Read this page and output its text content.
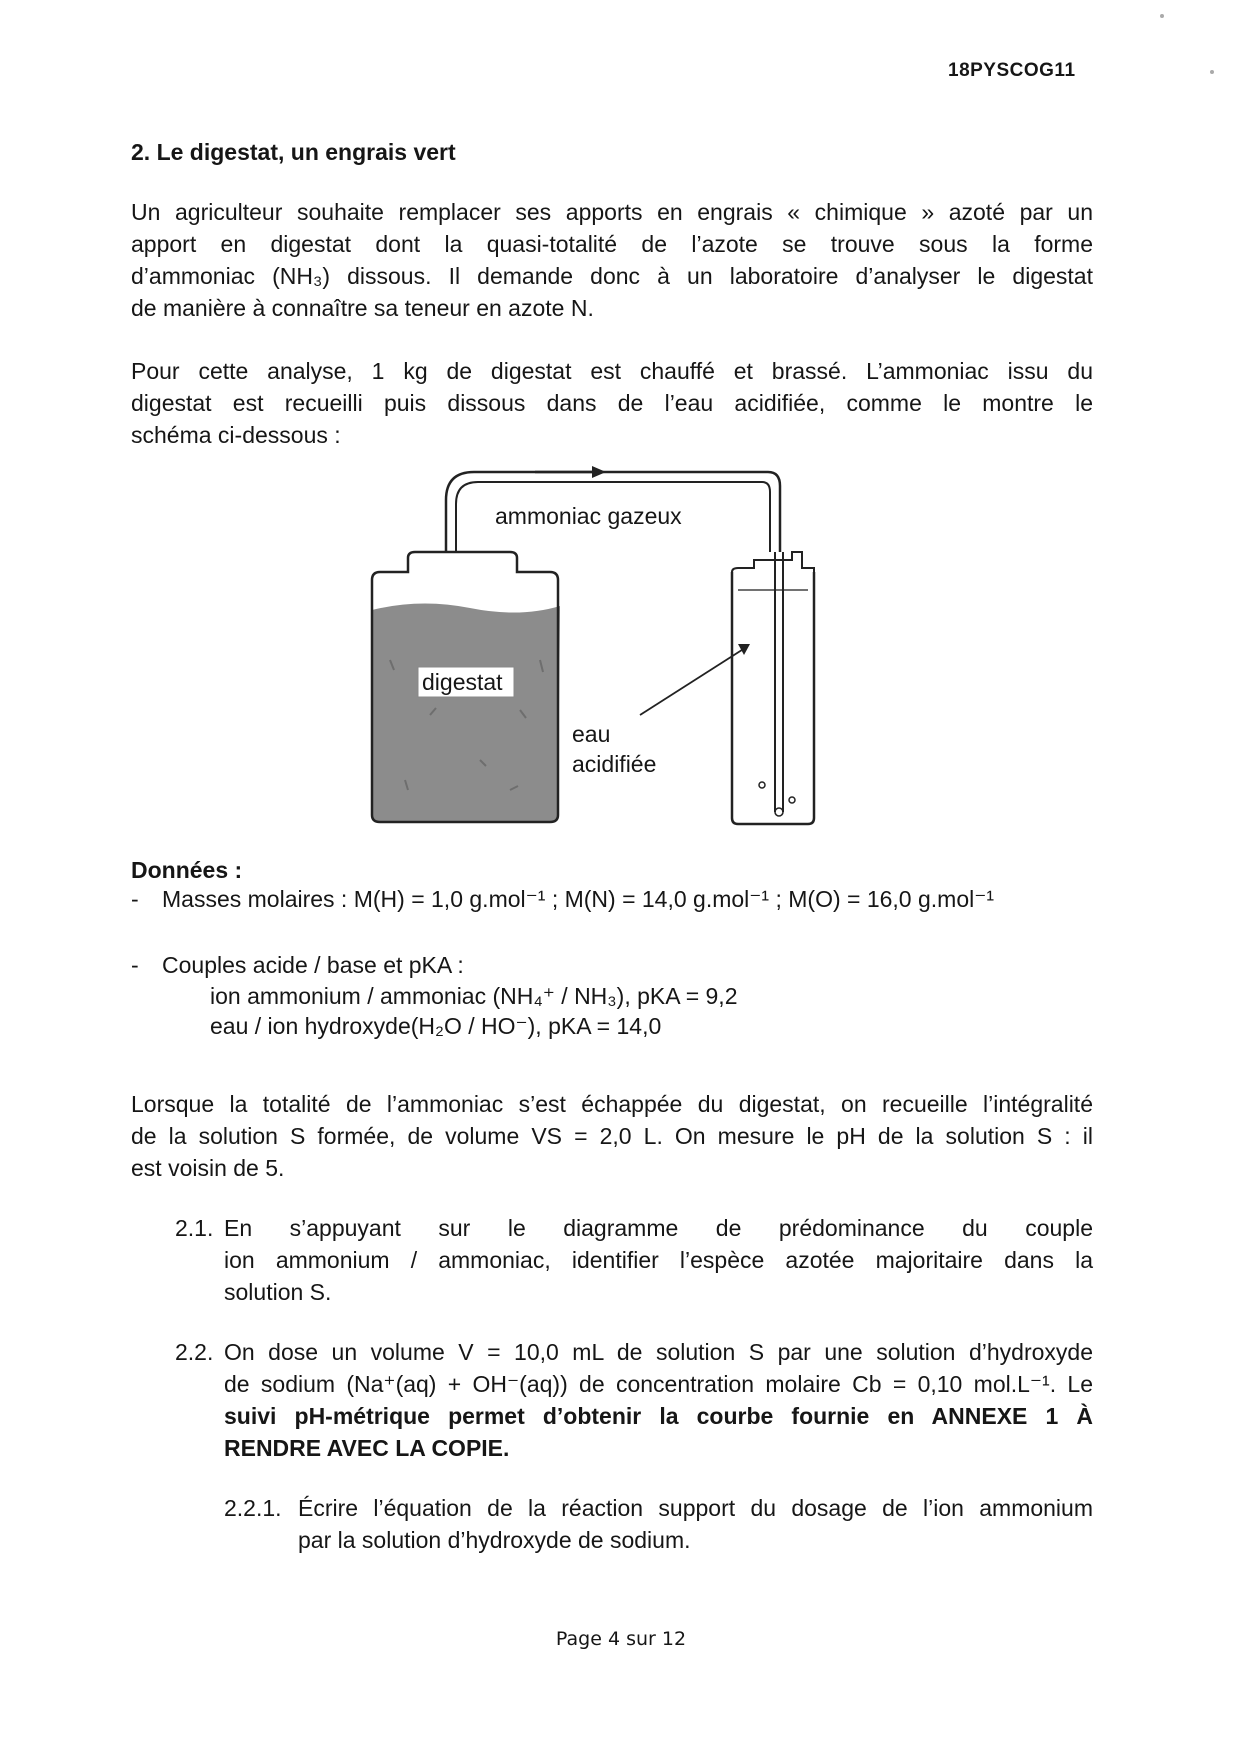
18PYSCOG11
2. Le digestat, un engrais vert
Un agriculteur souhaite remplacer ses apports en engrais « chimique » azoté par un
apport en digestat dont la quasi-totalité de l’azote se trouve sous la forme
d’ammoniac (NH₃) dissous. Il demande donc à un laboratoire d’analyser le digestat
de manière à connaître sa teneur en azote N.
Pour cette analyse, 1 kg de digestat est chauffé et brassé. L’ammoniac issu du
digestat est recueilli puis dissous dans de l’eau acidifiée, comme le montre le
schéma ci-dessous :
ammoniac gazeux
digestat
eau
acidifiée
Données :
- Masses molaires : M(H) = 1,0 g.mol⁻¹ ; M(N) = 14,0 g.mol⁻¹ ; M(O) = 16,0 g.mol⁻¹
- Couples acide / base et pKA :
ion ammonium / ammoniac (NH₄⁺ / NH₃), pKA = 9,2
eau / ion hydroxyde(H₂O / HO⁻), pKA = 14,0
Lorsque la totalité de l’ammoniac s’est échappée du digestat, on recueille l’intégralité
de la solution S formée, de volume VS = 2,0 L. On mesure le pH de la solution S : il
est voisin de 5.
2.1. En s’appuyant sur le diagramme de prédominance du couple
ion ammonium / ammoniac, identifier l’espèce azotée majoritaire dans la
solution S.
2.2. On dose un volume V = 10,0 mL de solution S par une solution d’hydroxyde
de sodium (Na⁺(aq) + OH⁻(aq)) de concentration molaire Cb = 0,10 mol.L⁻¹. Le
suivi pH-métrique permet d’obtenir la courbe fournie en ANNEXE 1 À
RENDRE AVEC LA COPIE.
2.2.1. Écrire l’équation de la réaction support du dosage de l’ion ammonium
par la solution d’hydroxyde de sodium.
Page 4 sur 12
